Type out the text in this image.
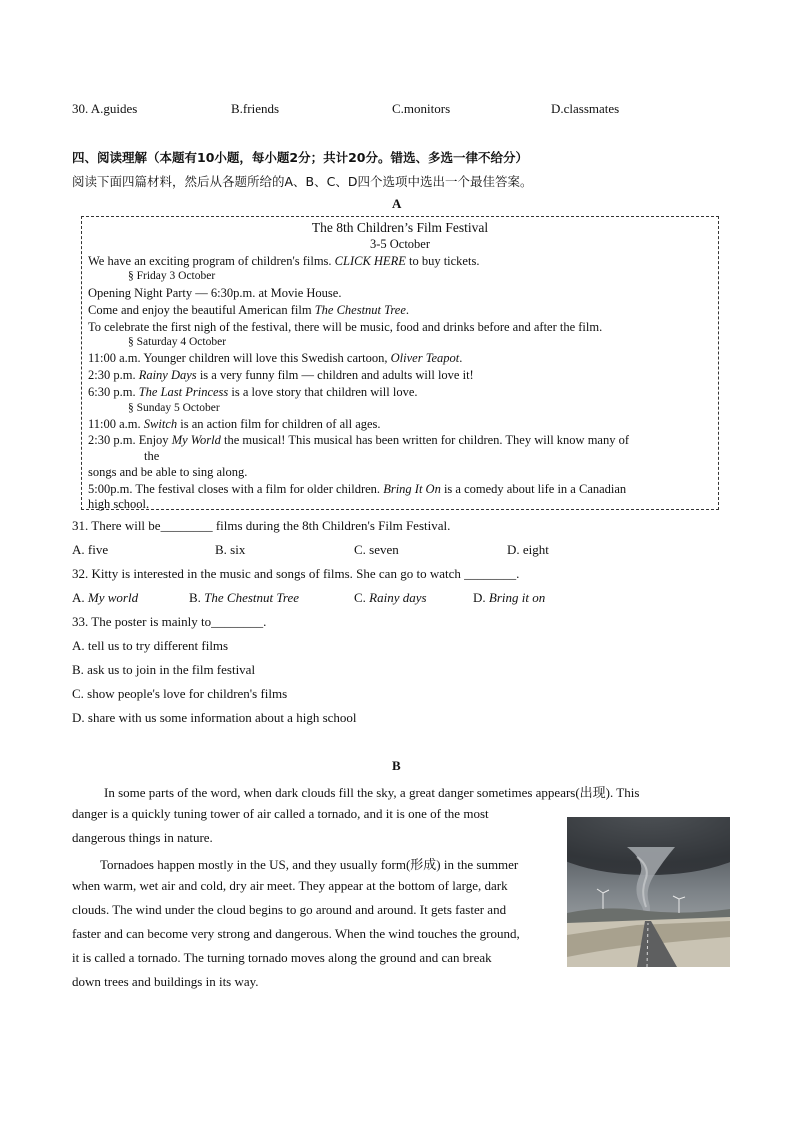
30. A.guides	B.friends	C.monitors	D.classmates
四、阅读理解（本题有10小题，每小题2分；共计20分。错选、多选一律不给分）
阅读下面四篇材料，然后从各题所给的A、B、C、D四个选项中选出一个最佳答案。
A
The 8th Children’s Film Festival
3-5 October
We have an exciting program of children's films. CLICK HERE to buy tickets.
§ Friday 3 October
Opening Night Party — 6:30p.m. at Movie House.
Come and enjoy the beautiful American film The Chestnut Tree.
To celebrate the first nigh of the festival, there will be music, food and drinks before and after the film.
§ Saturday 4 October
11:00 a.m. Younger children will love this Swedish cartoon, Oliver Teapot.
2:30 p.m. Rainy Days is a very funny film — children and adults will love it!
6:30 p.m. The Last Princess is a love story that children will love.
§ Sunday 5 October
11:00 a.m. Switch is an action film for children of all ages.
2:30 p.m. Enjoy My World the musical! This musical has been written for children. They will know many of
the
songs and be able to sing along.
5:00p.m. The festival closes with a film for older children. Bring It On is a comedy about life in a Canadian
high school.
31. There will be________ films during the 8th Children's Film Festival.
A. five	B. six	C. seven	D. eight
32. Kitty is interested in the music and songs of films. She can go to watch ________.
A. My world	B. The Chestnut Tree	C. Rainy days	D. Bring it on
33. The poster is mainly to________.
A. tell us to try different films
B. ask us to join in the film festival
C. show people's love for children's films
D. share with us some information about a high school
B
In some parts of the word, when dark clouds fill the sky, a great danger sometimes appears(出现). This
danger is a quickly tuning tower of air called a tornado, and it is one of the most
dangerous things in nature.
Tornadoes happen mostly in the US, and they usually form(形成) in the summer
when warm, wet air and cold, dry air meet. They appear at the bottom of large, dark
clouds. The wind under the cloud begins to go around and around. It gets faster and
faster and can become very strong and dangerous. When the wind touches the ground,
it is called a tornado. The turning tornado moves along the ground and can break
down trees and buildings in its way.
